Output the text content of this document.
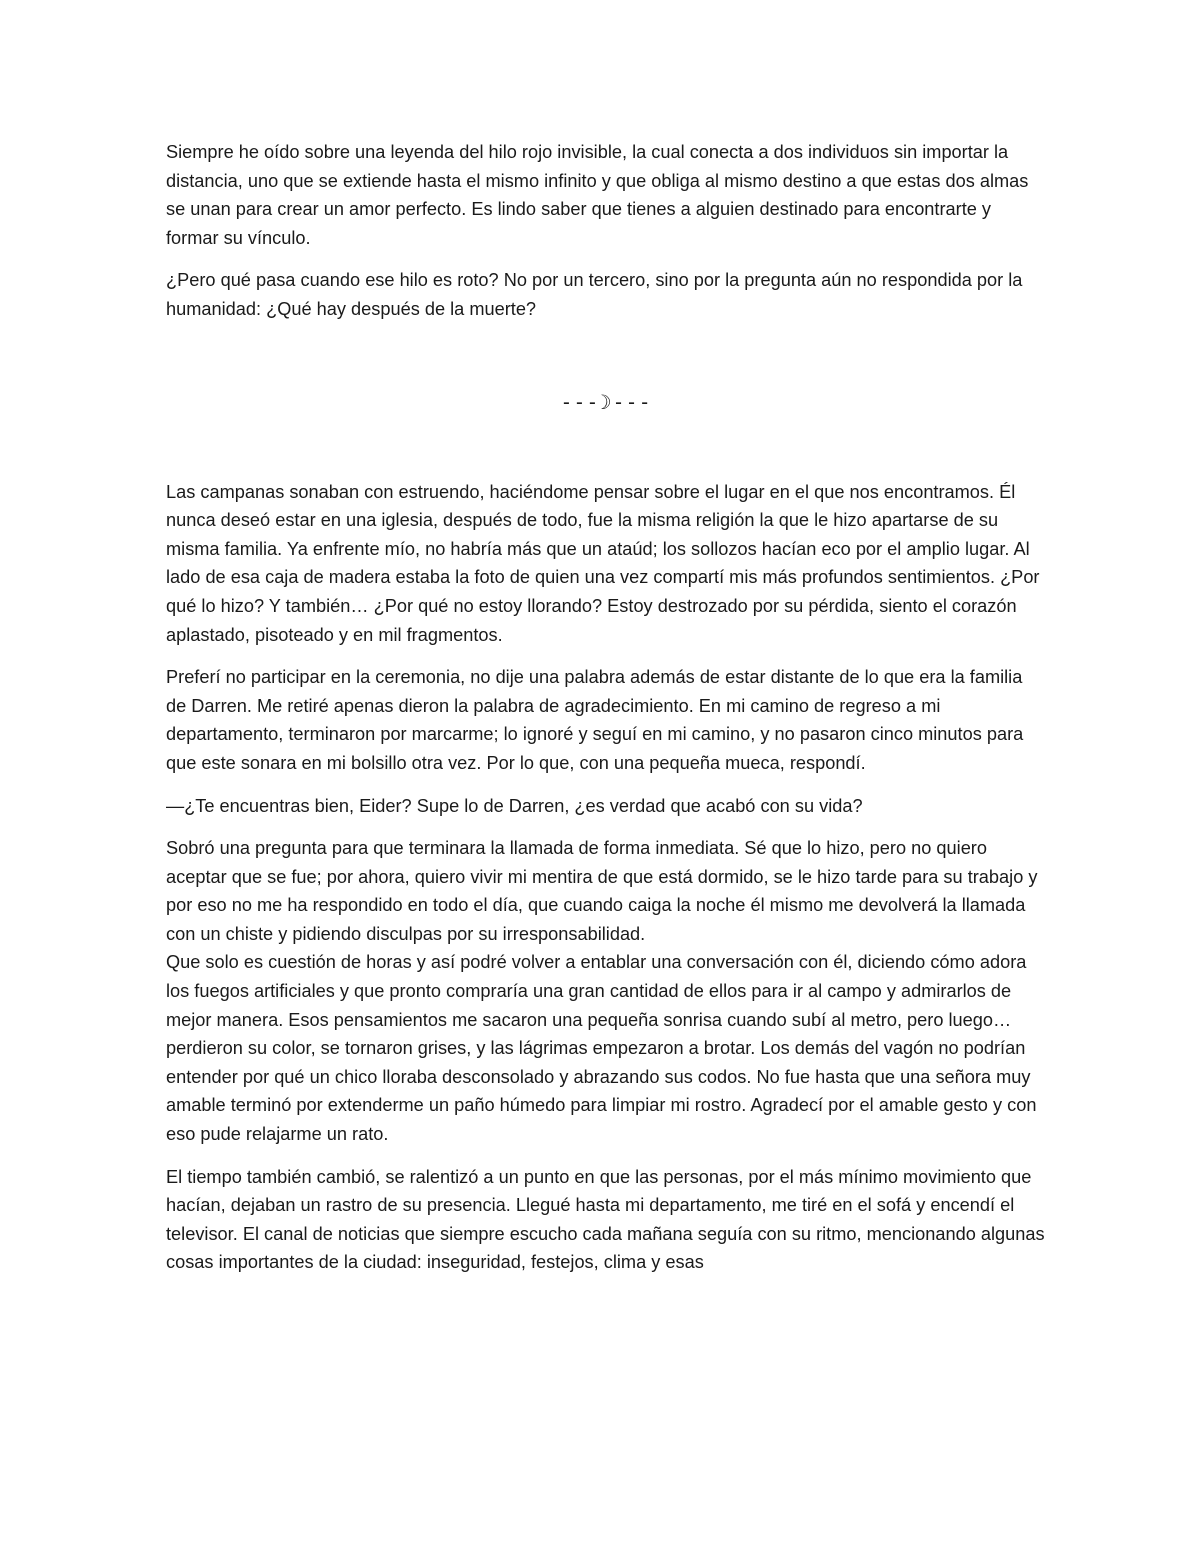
Siempre he oído sobre una leyenda del hilo rojo invisible, la cual conecta a dos individuos sin importar la distancia, uno que se extiende hasta el mismo infinito y que obliga al mismo destino a que estas dos almas se unan para crear un amor perfecto. Es lindo saber que tienes a alguien destinado para encontrarte y formar su vínculo.

¿Pero qué pasa cuando ese hilo es roto? No por un tercero, sino por la pregunta aún no respondida por la humanidad: ¿Qué hay después de la muerte?

---☽---

Las campanas sonaban con estruendo, haciéndome pensar sobre el lugar en el que nos encontramos. Él nunca deseó estar en una iglesia, después de todo, fue la misma religión la que le hizo apartarse de su misma familia. Ya enfrente mío, no habría más que un ataúd; los sollozos hacían eco por el amplio lugar. Al lado de esa caja de madera estaba la foto de quien una vez compartí mis más profundos sentimientos. ¿Por qué lo hizo? Y también… ¿Por qué no estoy llorando? Estoy destrozado por su pérdida, siento el corazón aplastado, pisoteado y en mil fragmentos.

Preferí no participar en la ceremonia, no dije una palabra además de estar distante de lo que era la familia de Darren. Me retiré apenas dieron la palabra de agradecimiento. En mi camino de regreso a mi departamento, terminaron por marcarme; lo ignoré y seguí en mi camino, y no pasaron cinco minutos para que este sonara en mi bolsillo otra vez. Por lo que, con una pequeña mueca, respondí.

—¿Te encuentras bien, Eider? Supe lo de Darren, ¿es verdad que acabó con su vida?

Sobró una pregunta para que terminara la llamada de forma inmediata. Sé que lo hizo, pero no quiero aceptar que se fue; por ahora, quiero vivir mi mentira de que está dormido, se le hizo tarde para su trabajo y por eso no me ha respondido en todo el día, que cuando caiga la noche él mismo me devolverá la llamada con un chiste y pidiendo disculpas por su irresponsabilidad.

Que solo es cuestión de horas y así podré volver a entablar una conversación con él, diciendo cómo adora los fuegos artificiales y que pronto compraría una gran cantidad de ellos para ir al campo y admirarlos de mejor manera. Esos pensamientos me sacaron una pequeña sonrisa cuando subí al metro, pero luego… perdieron su color, se tornaron grises, y las lágrimas empezaron a brotar. Los demás del vagón no podrían entender por qué un chico lloraba desconsolado y abrazando sus codos. No fue hasta que una señora muy amable terminó por extenderme un paño húmedo para limpiar mi rostro. Agradecí por el amable gesto y con eso pude relajarme un rato.

El tiempo también cambió, se ralentizó a un punto en que las personas, por el más mínimo movimiento que hacían, dejaban un rastro de su presencia. Llegué hasta mi departamento, me tiré en el sofá y encendí el televisor. El canal de noticias que siempre escucho cada mañana seguía con su ritmo, mencionando algunas cosas importantes de la ciudad: inseguridad, festejos, clima y esas
